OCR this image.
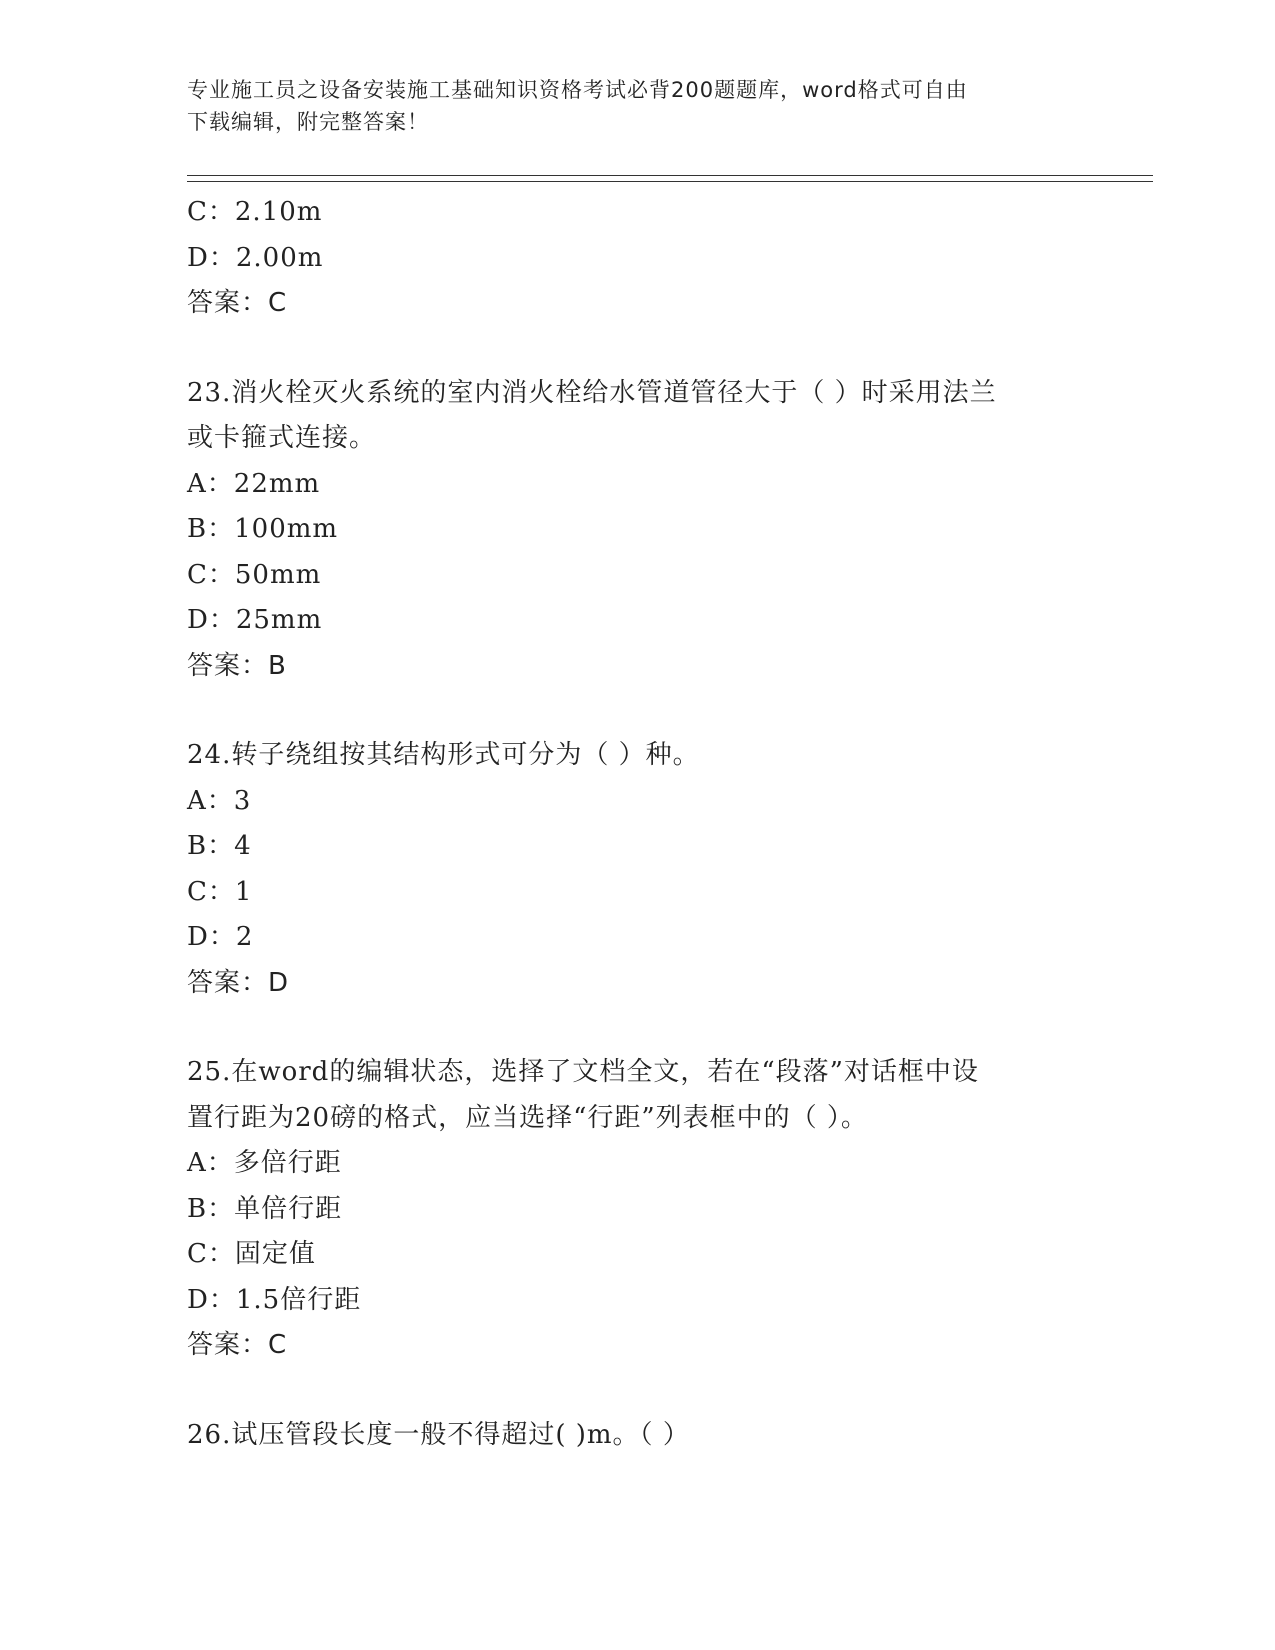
专业施工员之设备安装施工基础知识资格考试必背200题题库，word格式可自由
下载编辑，附完整答案！
C：2.10m
D：2.00m
答案：C
23.消火栓灭火系统的室内消火栓给水管道管径大于（ ）时采用法兰
或卡箍式连接。
A：22mm
B：100mm
C：50mm
D：25mm
答案：B
24.转子绕组按其结构形式可分为（ ）种。
A：3
B：4
C：1
D：2
答案：D
25.在word的编辑状态，选择了文档全文，若在“段落”对话框中设
置行距为20磅的格式，应当选择“行距”列表框中的（ ）。
A：多倍行距
B：单倍行距
C：固定值
D：1.5倍行距
答案：C
26.试压管段长度一般不得超过( )m。（ ）
